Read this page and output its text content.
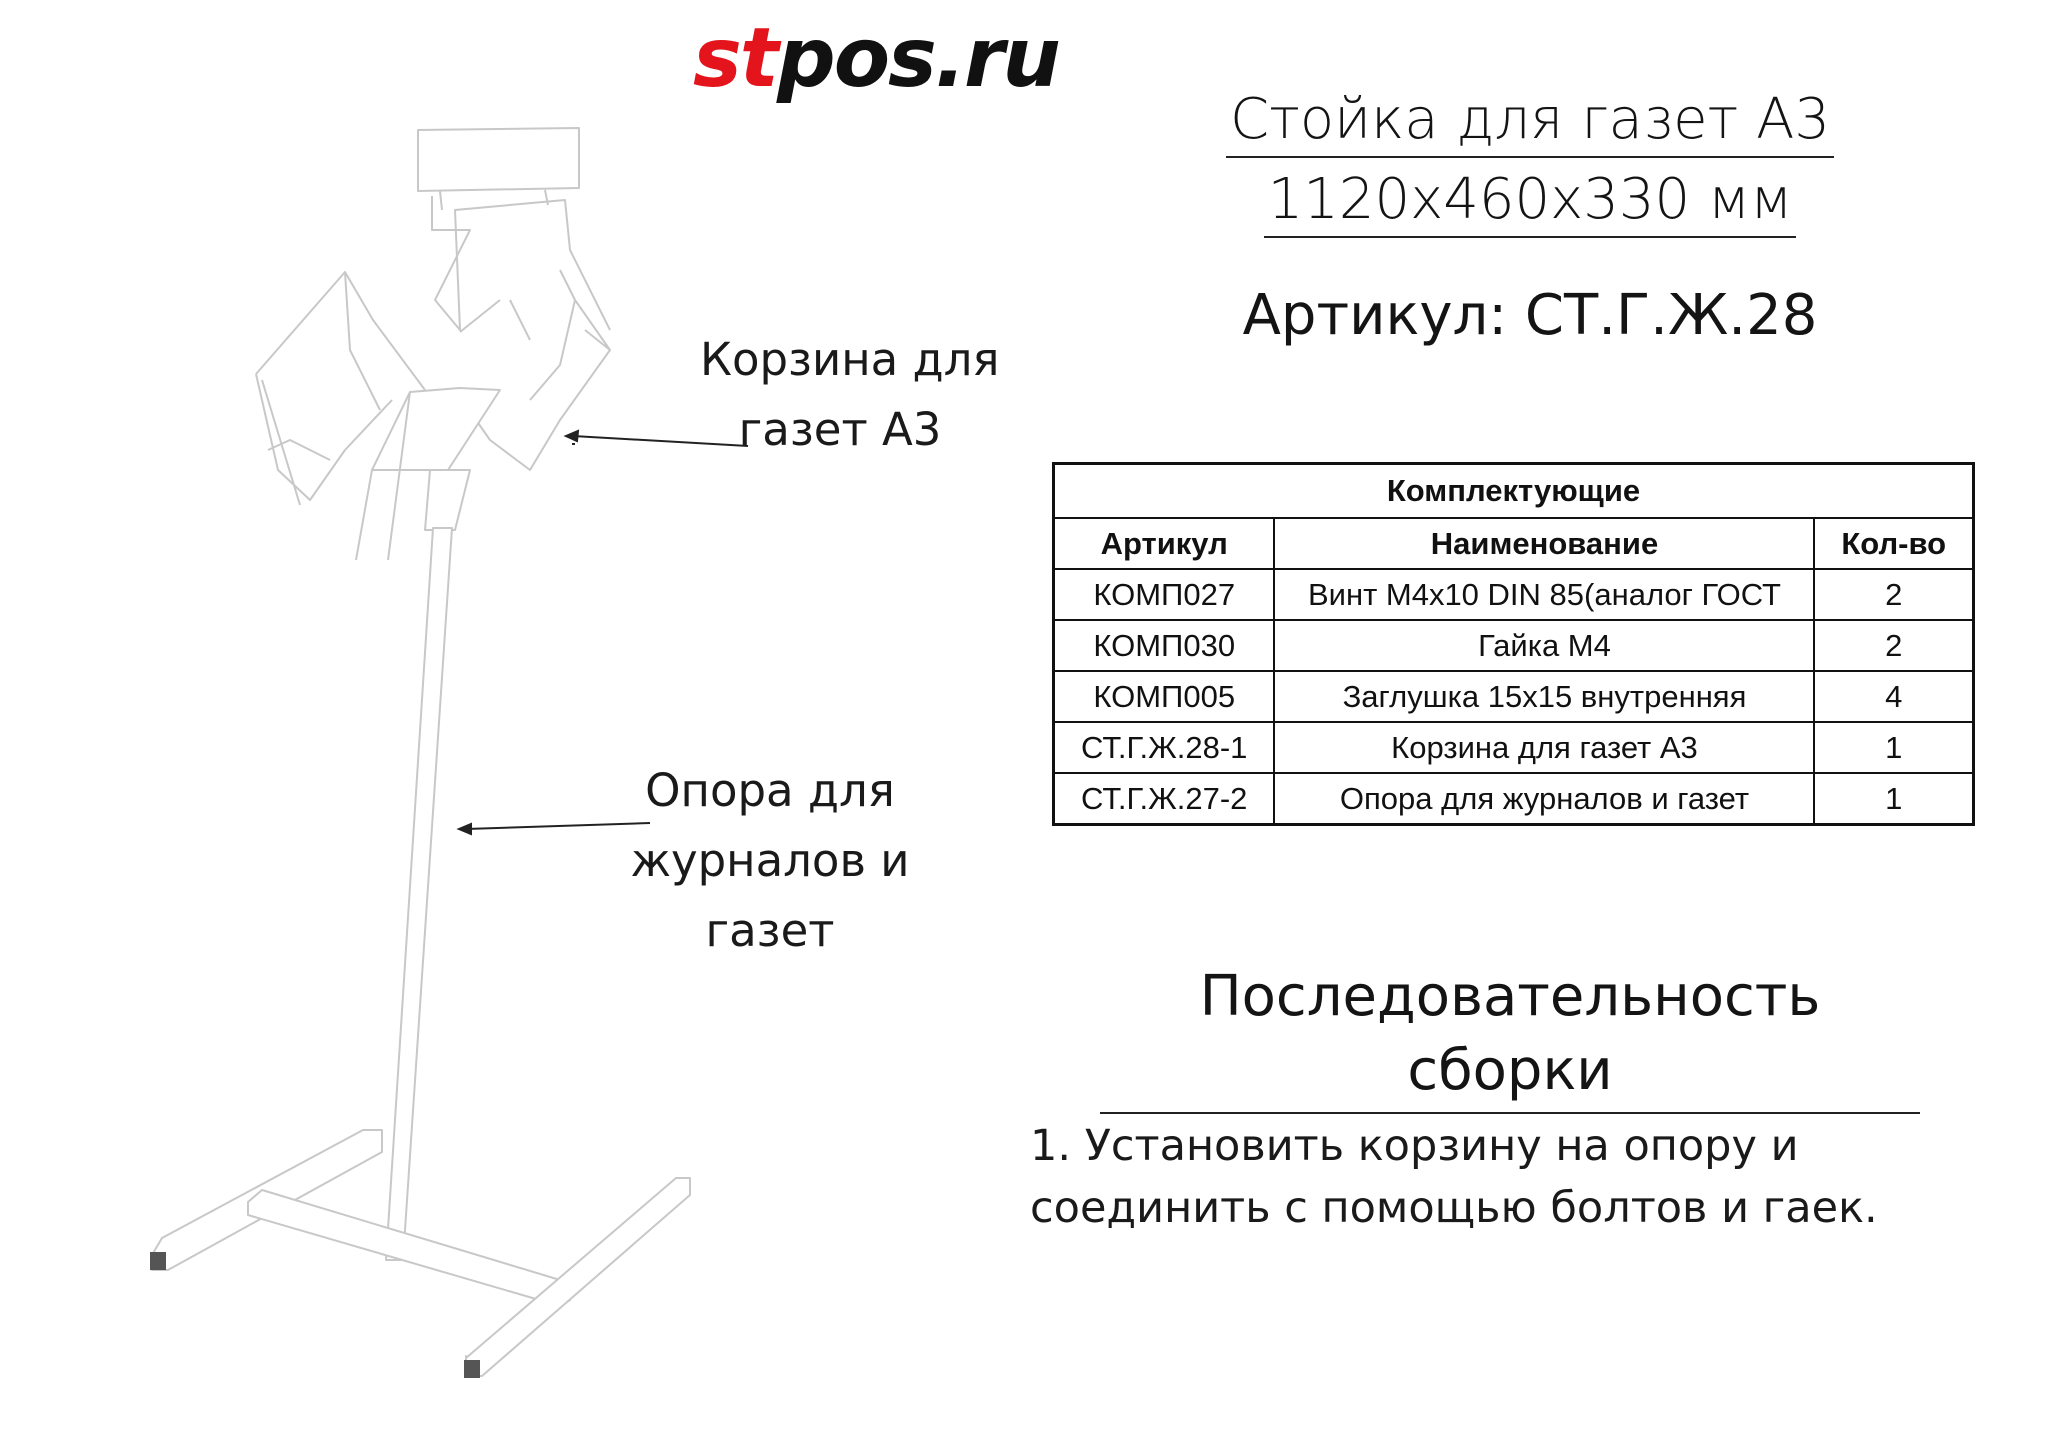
stpos.ru
Корзина для
газет А3
Опора для
журналов и
газет
Стойка для газет А3
1120x460x330 мм
Артикул: СТ.Г.Ж.28
Комплектующие		
Артикул	Наименование	Кол-во
КОМП027	Винт М4х10 DIN 85(аналог ГОСТ	2
КОМП030	Гайка М4	2
КОМП005	Заглушка 15х15 внутренняя	4
СТ.Г.Ж.28-1	Корзина для газет А3	1
СТ.Г.Ж.27-2	Опора для журналов и газет	1
Последовательность сборки
1. Установить корзину на опору и соединить с помощью болтов и гаек.
